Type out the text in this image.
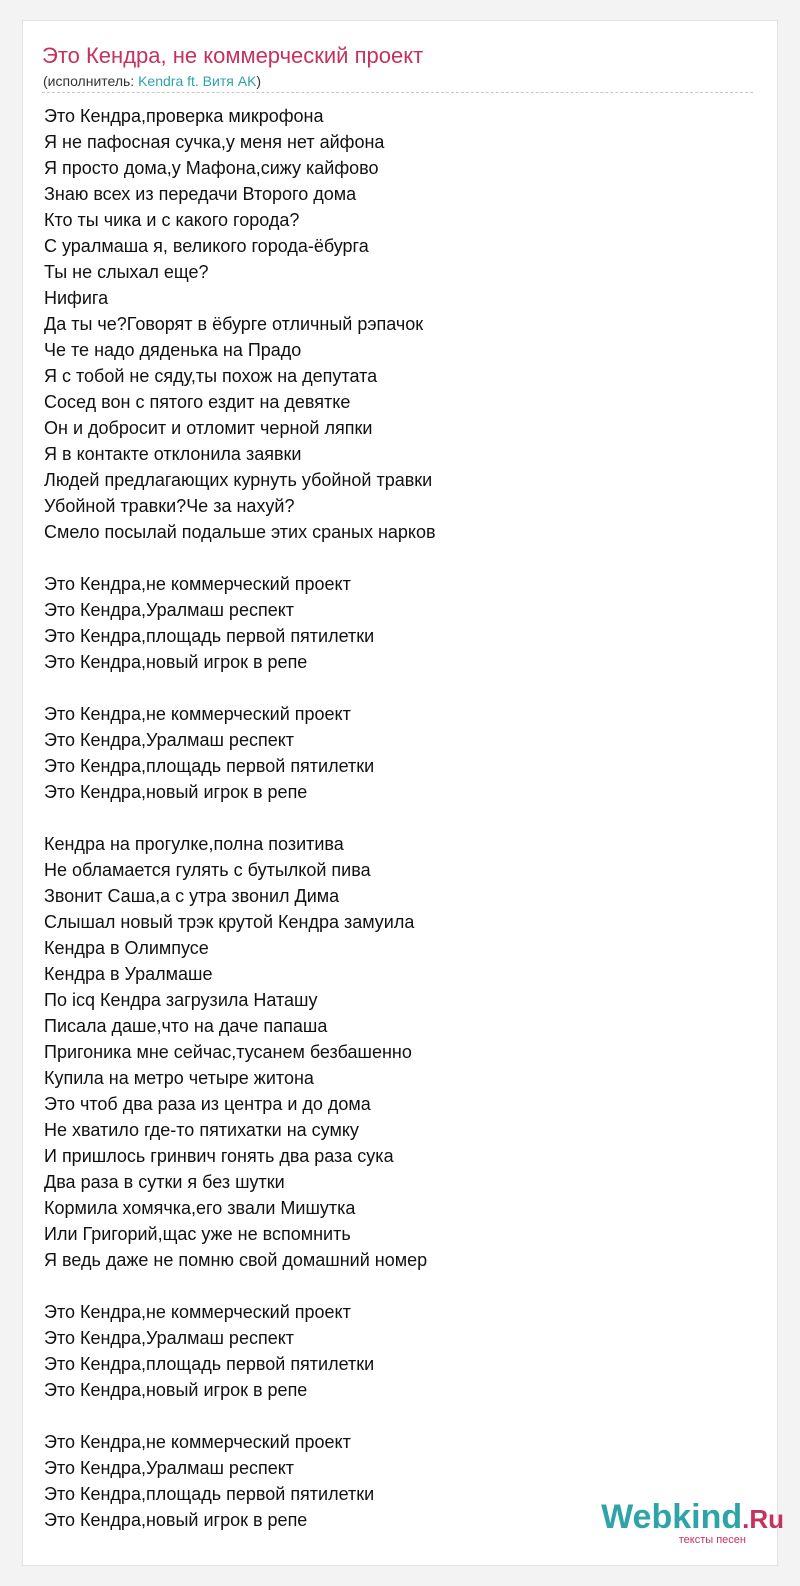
Это Кендра, не коммерческий проект
(исполнитель: Kendra ft. Витя AK)
Это Кендра,проверка микрофона
Я не пафосная сучка,у меня нет айфона
Я просто дома,у Мафона,сижу кайфово
Знаю всех из передачи Второго дома
Кто ты чика и с какого города?
С уралмаша я, великого города-ёбурга
Ты не слыхал еще?
Нифига
Да ты че?Говорят в ёбурге отличный рэпачок
Че те надо дяденька на Прадо
Я с тобой не сяду,ты похож на депутата
Сосед вон с пятого ездит на девятке
Он и добросит и отломит черной ляпки
Я в контакте отклонила заявки
Людей предлагающих курнуть убойной травки
Убойной травки?Че за нахуй?
Смело посылай подальше этих сраных нарков
Это Кендра,не коммерческий проект
Это Кендра,Уралмаш респект
Это Кендра,площадь первой пятилетки
Это Кендра,новый игрок в репе
Это Кендра,не коммерческий проект
Это Кендра,Уралмаш респект
Это Кендра,площадь первой пятилетки
Это Кендра,новый игрок в репе
Кендра на прогулке,полна позитива
Не обламается гулять с бутылкой пива
Звонит Саша,а с утра звонил Дима
Слышал новый трэк крутой Кендра замуила
Кендра в Олимпусе
Кендра в Уралмаше
По icq Кендра загрузила Наташу
Писала даше,что на даче папаша
Пригоника мне сейчас,тусанем безбашенно
Купила на метро четыре житона
Это чтоб два раза из центра и до дома
Не хватило где-то пятихатки на сумку
И пришлось гринвич гонять два раза сука
Два раза в сутки я без шутки
Кормила хомячка,его звали Мишутка
Или Григорий,щас уже не вспомнить
Я ведь даже не помню свой домашний номер
Это Кендра,не коммерческий проект
Это Кендра,Уралмаш респект
Это Кендра,площадь первой пятилетки
Это Кендра,новый игрок в репе
Это Кендра,не коммерческий проект
Это Кендра,Уралмаш респект
Это Кендра,площадь первой пятилетки
Это Кендра,новый игрок в репе	Webkind.Ru
тексты песен
